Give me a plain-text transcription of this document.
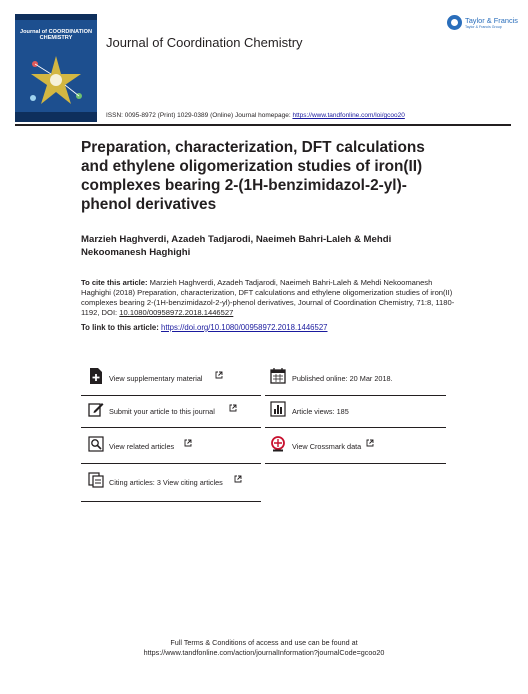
Journal of COORDINATION CHEMISTRY	Journal of Coordination Chemistry
Taylor & Francis
Taylor & Francis Group
ISSN: 0095-8972 (Print) 1029-0389 (Online) Journal homepage: https://www.tandfonline.com/loi/gcoo20
Preparation, characterization, DFT calculations and ethylene oligomerization studies of iron(II) complexes bearing 2-(1H-benzimidazol-2-yl)-phenol derivatives
Marzieh Haghverdi, Azadeh Tadjarodi, Naeimeh Bahri-Laleh & Mehdi Nekoomanesh Haghighi
To cite this article: Marzieh Haghverdi, Azadeh Tadjarodi, Naeimeh Bahri-Laleh & Mehdi Nekoomanesh Haghighi (2018) Preparation, characterization, DFT calculations and ethylene oligomerization studies of iron(II) complexes bearing 2-(1H-benzimidazol-2-yl)-phenol derivatives, Journal of Coordination Chemistry, 71:8, 1180-1192, DOI: 10.1080/00958972.2018.1446527
To link to this article: https://doi.org/10.1080/00958972.2018.1446527
View supplementary material	Published online: 20 Mar 2018.
Submit your article to this journal	Article views: 185
View related articles	View Crossmark data
Citing articles: 3 View citing articles
Full Terms & Conditions of access and use can be found at
https://www.tandfonline.com/action/journalInformation?journalCode=gcoo20
